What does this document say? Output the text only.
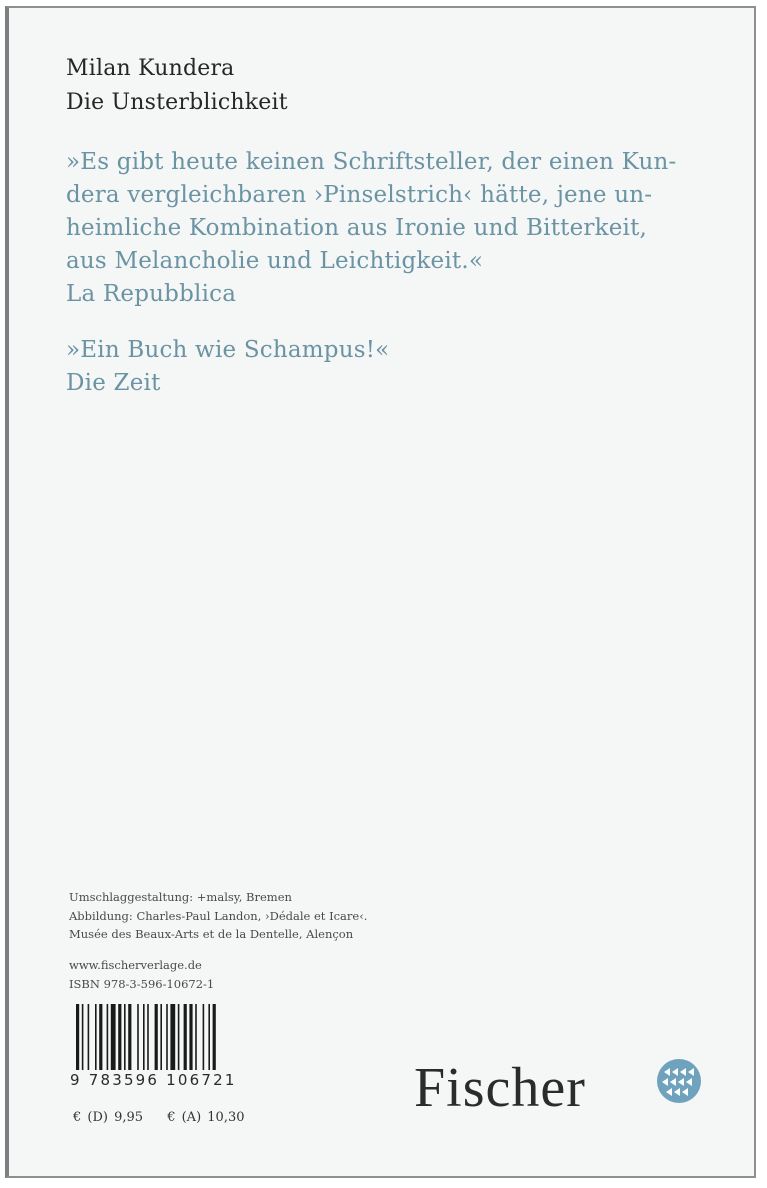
Milan Kundera
Die Unsterblichkeit
»Es gibt heute keinen Schriftsteller, der einen Kun-
dera vergleichbaren ›Pinselstrich‹ hätte, jene un-
heimliche Kombination aus Ironie und Bitterkeit,
aus Melancholie und Leichtigkeit.«
La Repubblica
»Ein Buch wie Schampus!«
Die Zeit
Umschlaggestaltung: +malsy, Bremen
Abbildung: Charles-Paul Landon, ›Dédale et Icare‹.
Musée des Beaux-Arts et de la Dentelle, Alençon
www.fischerverlage.de
ISBN 978-3-596-10672-1
9 783596 106721
€ (D) 9,95 € (A) 10,30	Fischer
